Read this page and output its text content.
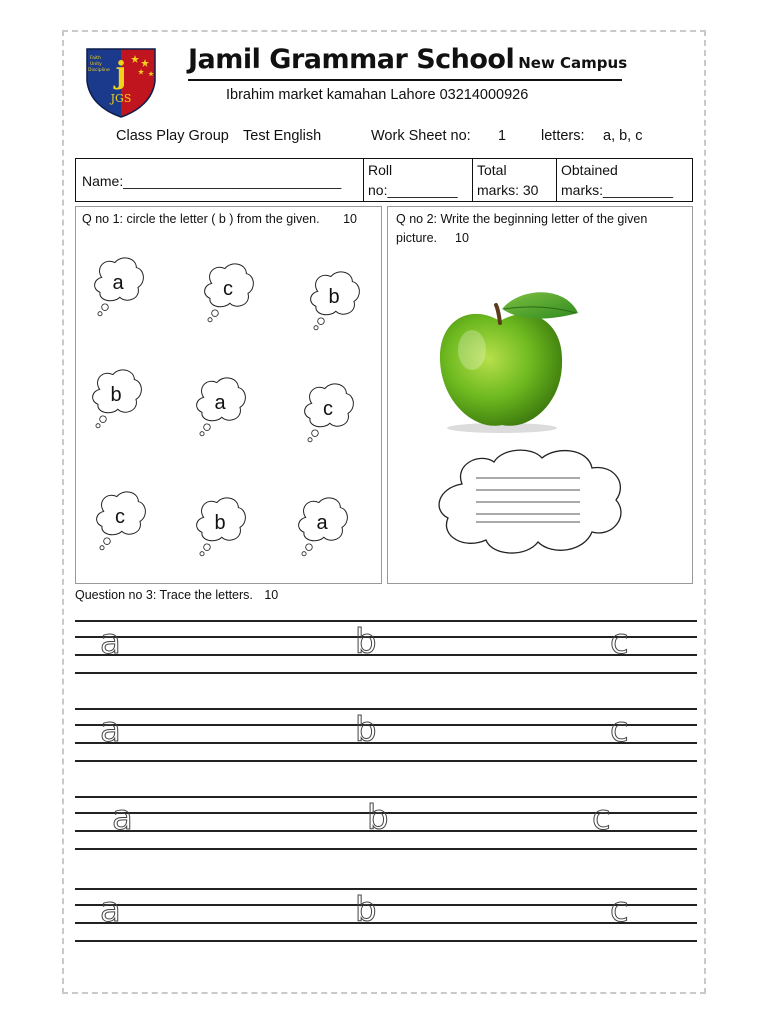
j
JGS
Faith
Unity
Discipline	Jamil Grammar School New Campus
Ibrahim market kamahan Lahore 03214000926
Class Play Group Test English	Work Sheet no: 1 letters: a, b, c
Name:____________________________
Roll
no:_________
Total
marks: 30
Obtained
marks:_________
Q no 1: circle the letter ( b ) from the given. 10
a	c	b
b	a	c
c	b	a
Q no 2: Write the beginning letter of the given
picture. 10
Question no 3: Trace the letters. 10
a	b	c
a	b	c
a	b	c
a	b	c
